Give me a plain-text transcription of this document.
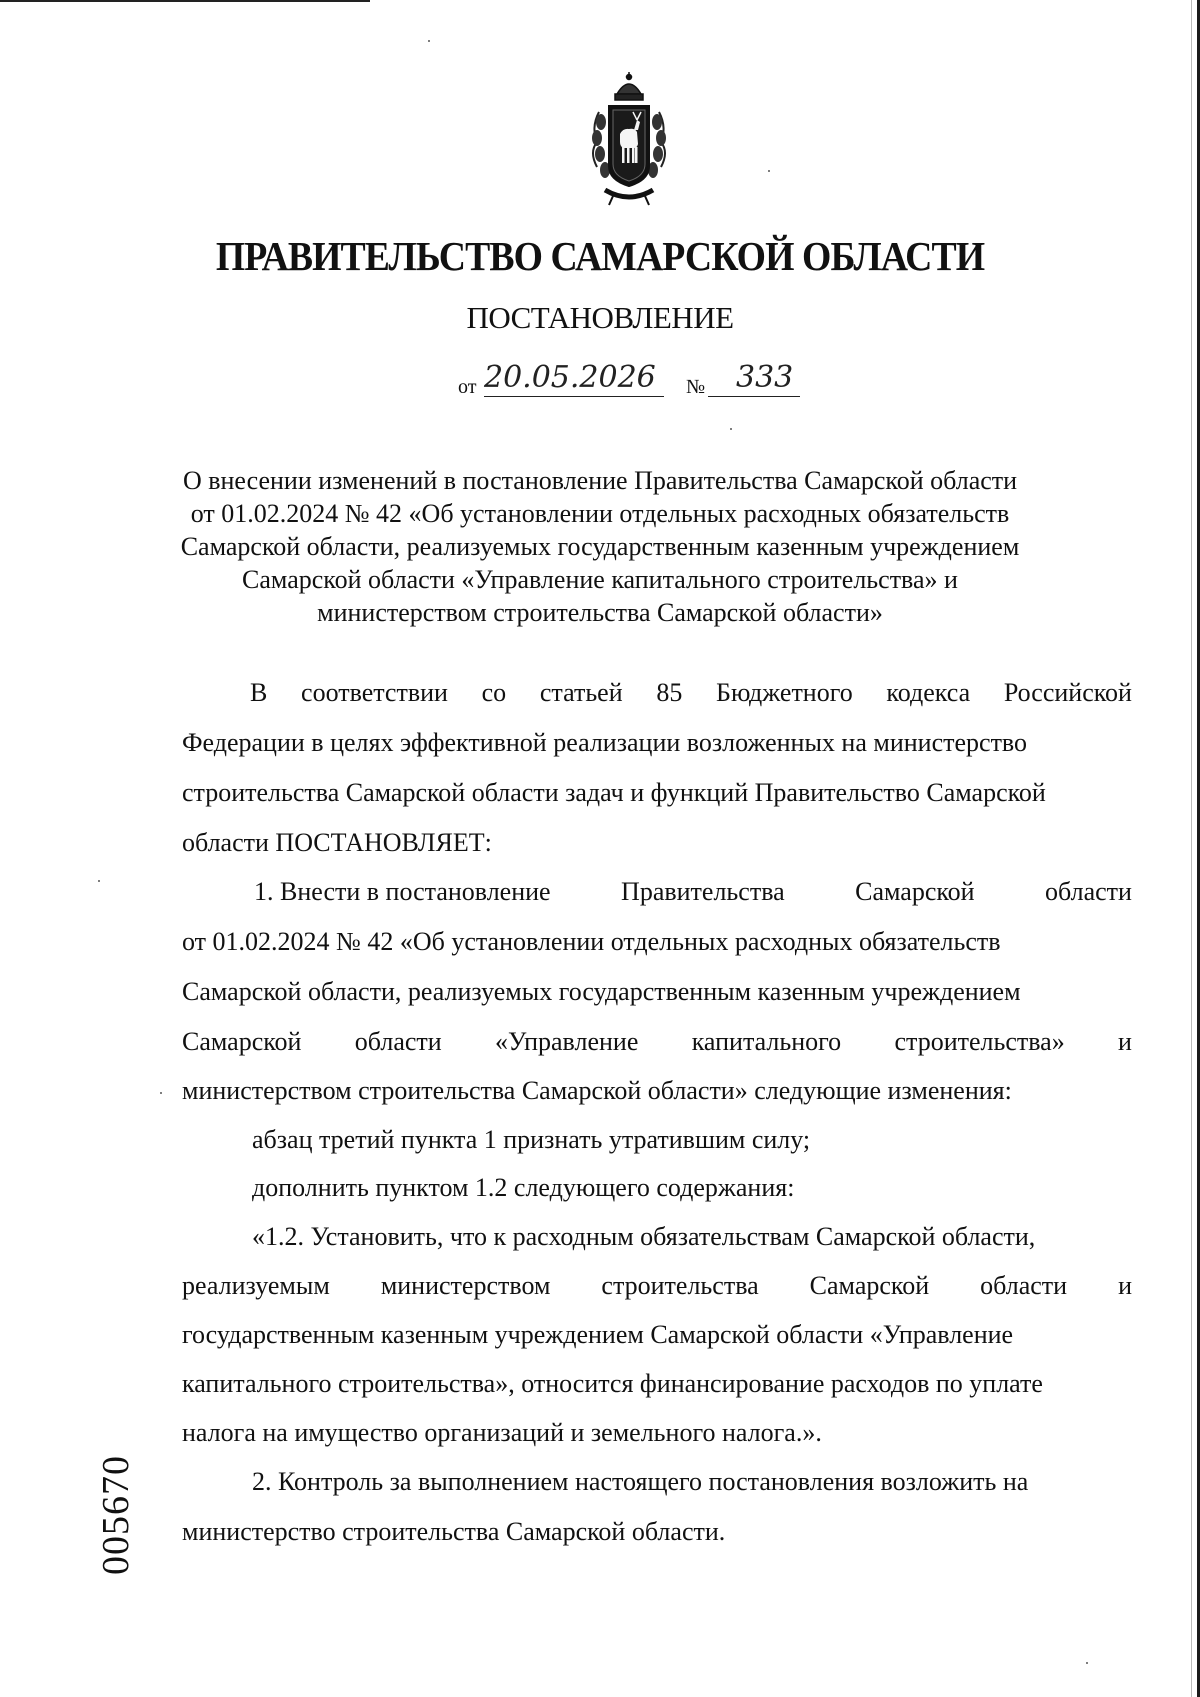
ПРАВИТЕЛЬСТВО САМАРСКОЙ ОБЛАСТИ
ПОСТАНОВЛЕНИЕ
от 20.05.2026	№	333
О внесении изменений в постановление Правительства Самарской области
от 01.02.2024 № 42 «Об установлении отдельных расходных обязательств
Самарской области, реализуемых государственным казенным учреждением
Самарской области «Управление капитального строительства» и
министерством строительства Самарской области»
В соответствии со статьей 85 Бюджетного кодекса Российской
Федерации в целях эффективной реализации возложенных на министерство
строительства Самарской области задач и функций Правительство Самарской
области ПОСТАНОВЛЯЕТ:
1. Внести в постановление	Правительства	Самарской	области
от 01.02.2024 № 42 «Об установлении отдельных расходных обязательств
Самарской области, реализуемых государственным казенным учреждением
Самарской области «Управление капитального строительства» и
министерством строительства Самарской области» следующие изменения:
абзац третий пункта 1 признать утратившим силу;
дополнить пунктом 1.2 следующего содержания:
«1.2. Установить, что к расходным обязательствам Самарской области,
реализуемым министерством строительства Самарской области и
государственным казенным учреждением Самарской области «Управление
капитального строительства», относится финансирование расходов по уплате
налога на имущество организаций и земельного налога.».
2. Контроль за выполнением настоящего постановления возложить на
министерство строительства Самарской области.
005670
